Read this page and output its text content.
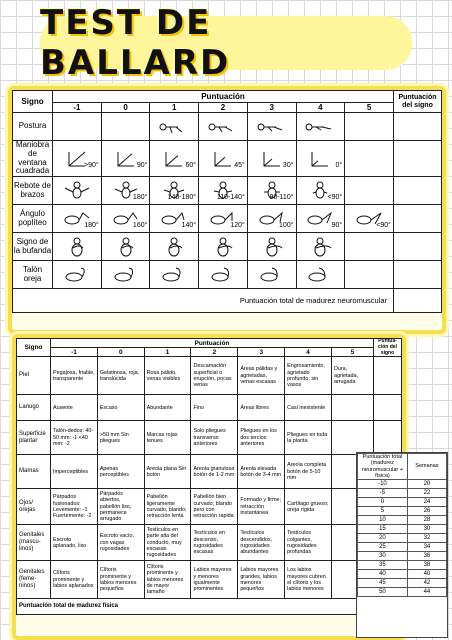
TEST DE BALLARD
Signo	Puntuación							Puntuación del signo
	-1	0	1	2	3	4	5	
Postura	

Maniobra de ventana cuadrada	>90°	90°	60°	45°	30°	0°		

Rebote de brazos		180°	140-180°	110-140°	90-110°	<90°		

Ángulo poplíteo	180°	160°	140°	120°	100°	90°	<90°	

Signo de la bufanda	

Talón oreja	

Puntuación total de madurez neuromuscular								
Signo	Puntuación							Puntua-ción del signo
	-1	0	1	2	3	4	5	
Piel	Pegajosa, friable, transparente	Gelatinosa, roja, translúcida	Rosa pálido, venas visibles	Descamación superficial o erupción, pocas venas	Áreas pálidas y agrietadas, venas escasas	Engrosamiento, agrietado profundo, sin vasos	Dura, agrietada, arrugada	
Lanugo	Ausente	Escaso	Abundante	Fino	Áreas libres	Casi inexistente		
Superficie plantar	Talón-dedos: 40-50 mm: -1 <40 mm: -2	>50 mm Sin pliegues	Marcas rojas tenues	Solo pliegues transverso anteriores	Pliegues en los dos tercios anteriores	Pliegues en toda la planta		
Mamas	Imperceptibles	Apenas perceptibles	Areola plana Sin botón	Areola granulosa botón de 1-2 mm	Areola elevada botón de 3-4 mm	Areola completa botón de 5-10 mm		
Ojos/ orejas	Párpados fusionados: Levemente: -1 Fuertemente: -2	Párpados abiertos, pabellón liso, permanece arrugado	Pabellón ligeramente curvado, blando; retracción lenta	Pabellón bien curvado; blando pero con retracción rápida	Formado y firme; retracción instantánea	Cartílago grueso; oreja rígida		
Genitales (mascu-linos)	Escroto aplanado, liso	Escroto vacío, con vagas rugosidades	Testículos en parte alta del conducto, muy escasas rugosidades	Testículos en descenso, rugosidades escasas	Testículos descendidos, rugosidades abundantes	Testículos colgantes, rugosidades profundas		
Genitales (feme-ninos)	Clítoris prominente y labios aplanados	Clítoris prominente y labios menores pequeños	Clítoris prominente y labios menores de mayor tamaño	Labios mayores y menores igualmente prominentes	Labios mayores grandes, labios menores pequeños	Los labios mayores cubren el clítoris y los labios menores		
Puntuación total de madurez física								
Puntuación total (madurez neuromuscular + física)	Semanas
-10	20
-5	22
0	24
5	26
10	28
15	30
20	32
25	34
30	36
35	38
40	40
45	42
50	44
